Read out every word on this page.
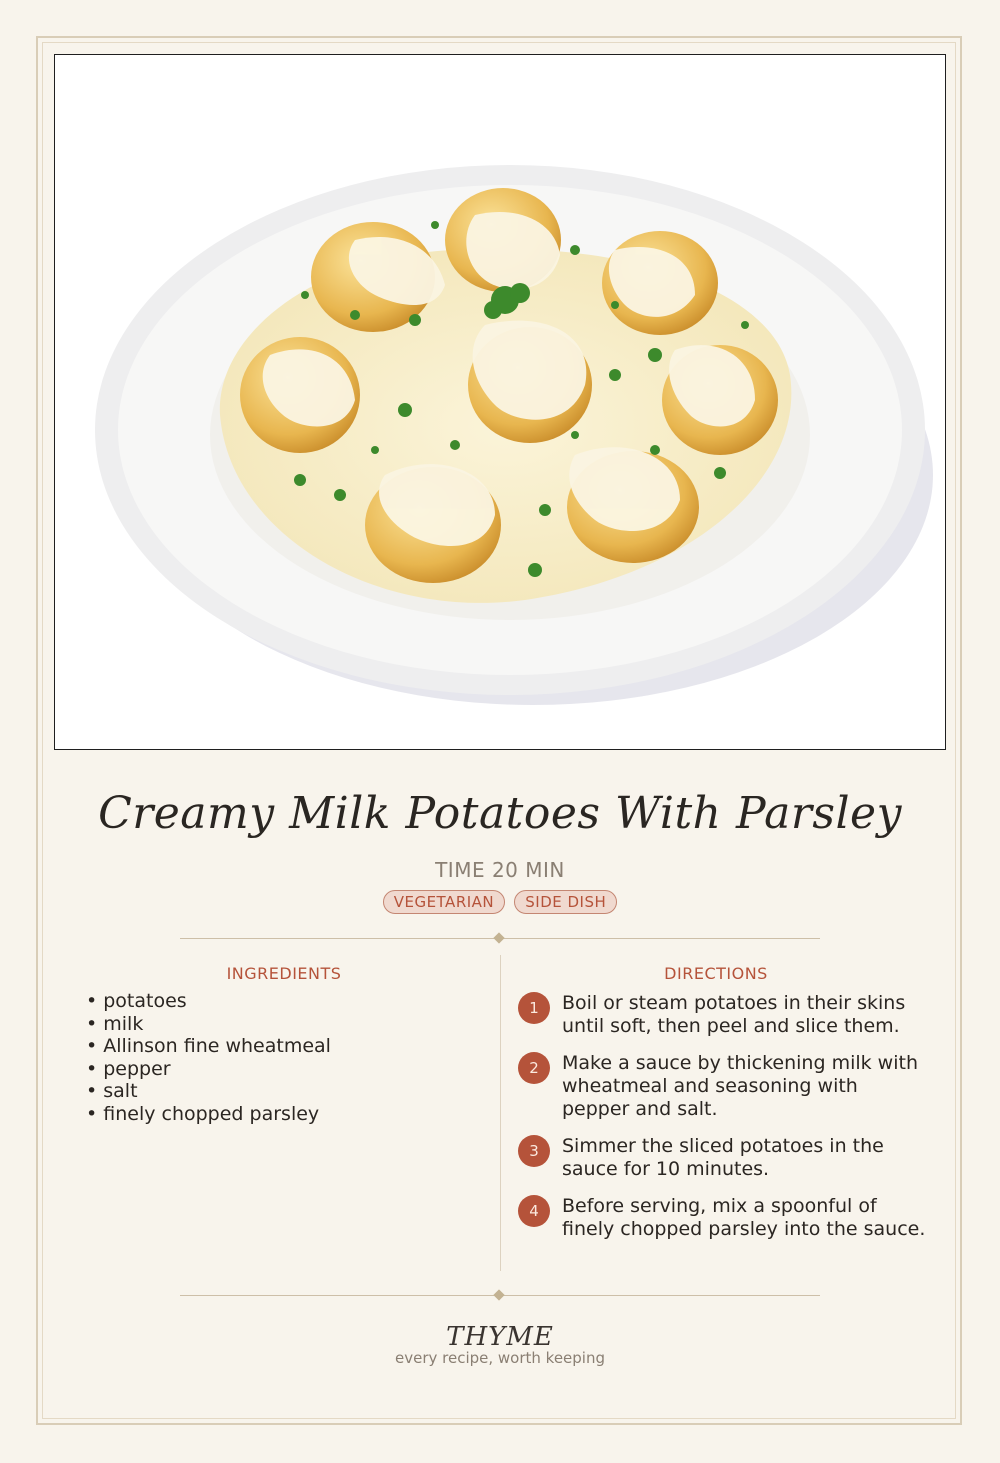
Creamy Milk Potatoes With Parsley
TIME 20 MIN
VEGETARIAN SIDE DISH
INGREDIENTS
• potatoes
• milk
• Allinson fine wheatmeal
• pepper
• salt
• finely chopped parsley
DIRECTIONS
1	Boil or steam potatoes in their skins until soft, then peel and slice them.
2	Make a sauce by thickening milk with wheatmeal and seasoning with pepper and salt.
3	Simmer the sliced potatoes in the sauce for 10 minutes.
4	Before serving, mix a spoonful of finely chopped parsley into the sauce.
THYME
every recipe, worth keeping
